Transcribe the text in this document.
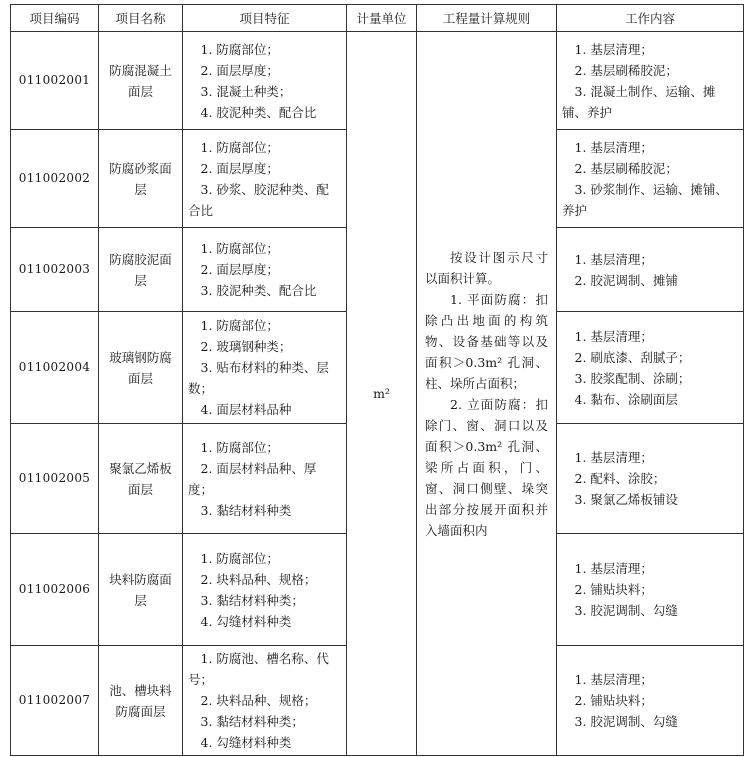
项目编码	项目名称	项目特征	计量单位	工程量计算规则	工作内容
011002001	防腐混凝土面层	1. 防腐部位；
2. 面层厚度；
3. 混凝土种类；
4. 胶泥种类、配合比	m²	按设计图示尺寸以面积计算。
1. 平面防腐：扣除凸出地面的构筑物、设备基础等以及面积＞0.3m² 孔洞、柱、垛所占面积；
2. 立面防腐：扣除门、窗、洞口以及面积＞0.3m² 孔洞、梁所占面积，门、窗、洞口侧壁、垛突出部分按展开面积并入墙面积内	1. 基层清理；
2. 基层刷稀胶泥；
3. 混凝土制作、运输、摊铺、养护

011002002	防腐砂浆面层	1. 防腐部位；
2. 面层厚度；
3. 砂浆、胶泥种类、配合比			1. 基层清理；
2. 基层刷稀胶泥；
3. 砂浆制作、运输、摊铺、养护

011002003	防腐胶泥面层	1. 防腐部位；
2. 面层厚度；
3. 胶泥种类、配合比			1. 基层清理；
2. 胶泥调制、摊铺

011002004	玻璃钢防腐面层	1. 防腐部位；
2. 玻璃钢种类；
3. 贴布材料的种类、层数；
4. 面层材料品种			1. 基层清理；
2. 刷底漆、刮腻子；
3. 胶浆配制、涂刷；
4. 黏布、涂刷面层

011002005	聚氯乙烯板面层	1. 防腐部位；
2. 面层材料品种、厚度；
3. 黏结材料种类			1. 基层清理；
2. 配料、涂胶；
3. 聚氯乙烯板铺设

011002006	块料防腐面层	1. 防腐部位；
2. 块料品种、规格；
3. 黏结材料种类；
4. 勾缝材料种类			1. 基层清理；
2. 铺贴块料；
3. 胶泥调制、勾缝

011002007	池、槽块料防腐面层	1. 防腐池、槽名称、代号；
2. 块料品种、规格；
3. 黏结材料种类；
4. 勾缝材料种类			1. 基层清理；
2. 铺贴块料；
3. 胶泥调制、勾缝
